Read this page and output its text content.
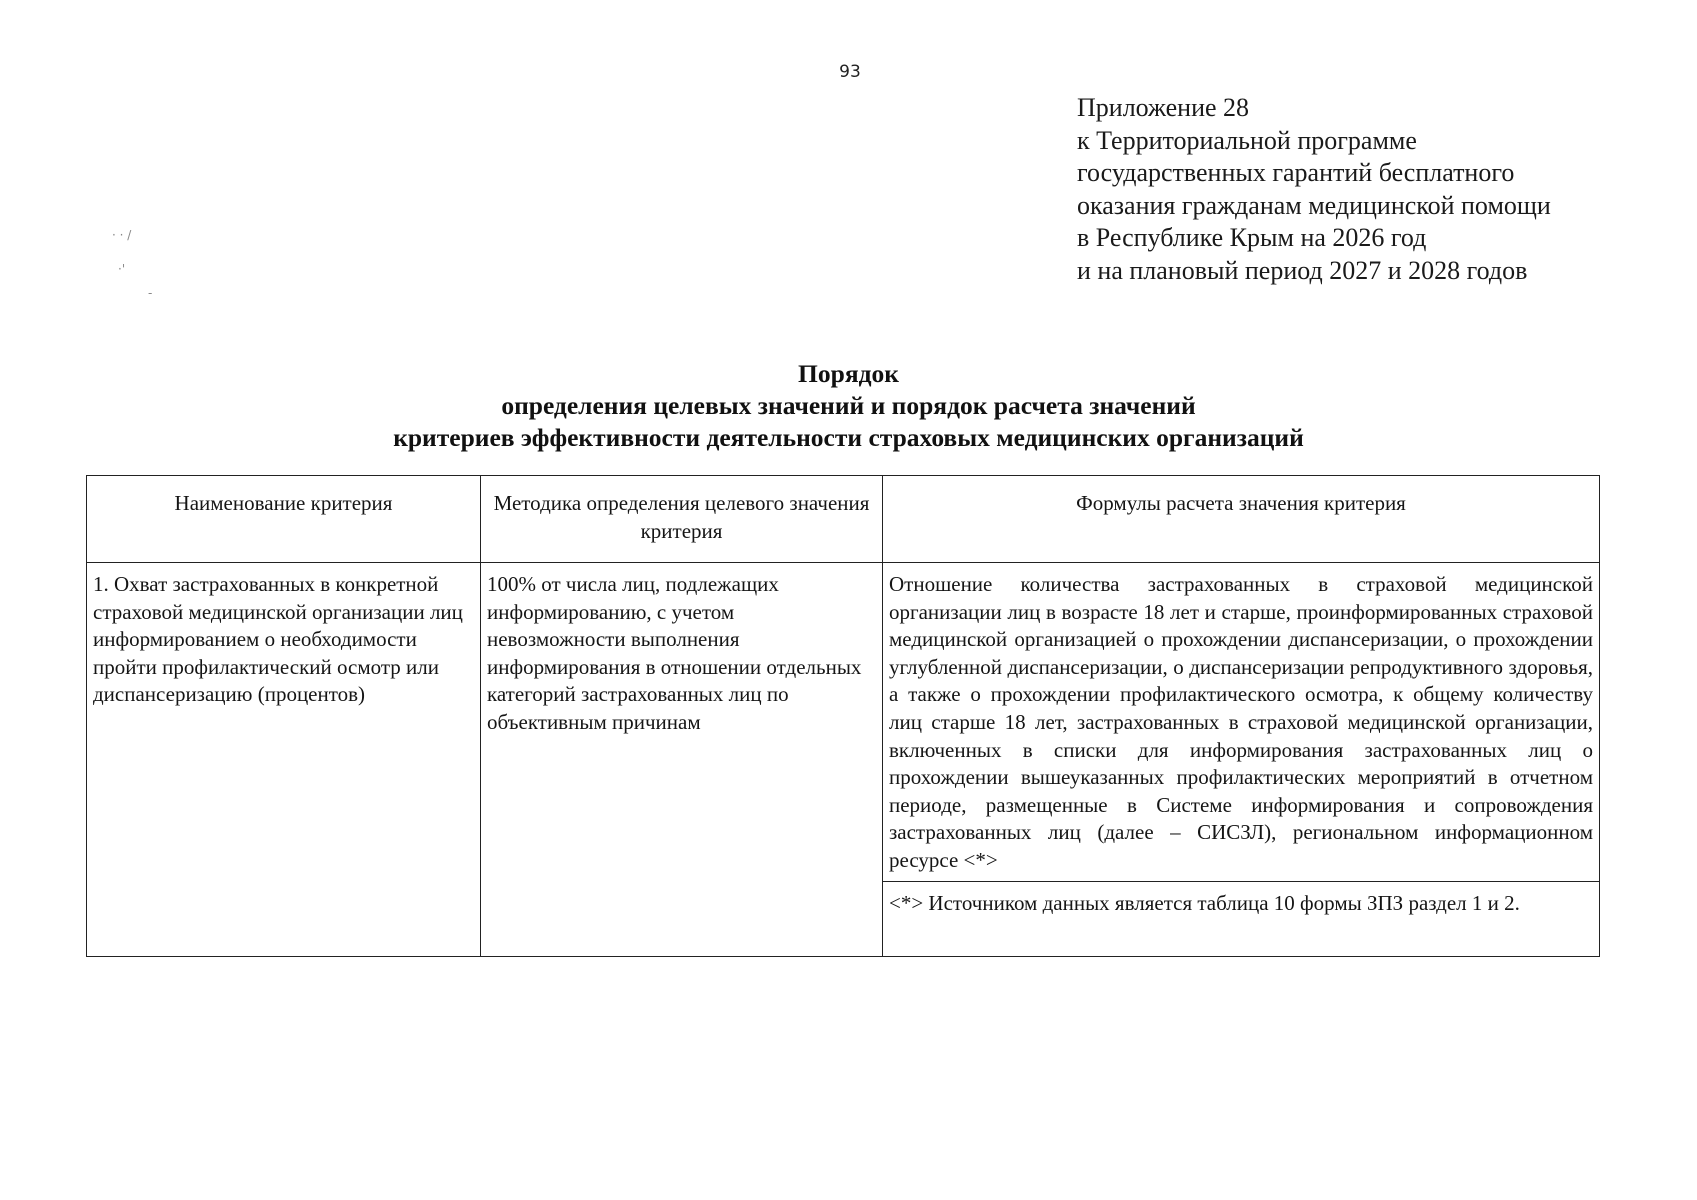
93
· · /
·'
‐
Приложение 28
к Территориальной программе
государственных гарантий бесплатного
оказания гражданам медицинской помощи
в Республике Крым на 2026 год
и на плановый период 2027 и 2028 годов
Порядок
определения целевых значений и порядок расчета значений
критериев эффективности деятельности страховых медицинских организаций
Наименование критерия	Методика определения целевого значения критерия	Формулы расчета значения критерия
1. Охват застрахованных в конкретной страховой медицинской организации лиц информированием о необходимости пройти профилактический осмотр или диспансеризацию (процентов)	100% от числа лиц, подлежащих информированию, с учетом невозможности выполнения информирования в отношении отдельных категорий застрахованных лиц по объективным причинам	Отношение количества застрахованных в страховой медицинской организации лиц в возрасте 18 лет и старше, проинформированных страховой медицинской организацией о прохождении диспансеризации, о прохождении углубленной диспансеризации, о диспансеризации репродуктивного здоровья, а также о прохождении профилактического осмотра, к общему количеству лиц старше 18 лет, застрахованных в страховой медицинской организации, включенных в списки для информирования застрахованных лиц о прохождении вышеуказанных профилактических мероприятий в отчетном периоде, размещенные в Системе информирования и сопровождения застрахованных лиц (далее – СИСЗЛ), региональном информационном ресурсе <*>
		<*> Источником данных является таблица 10 формы ЗПЗ раздел 1 и 2.
